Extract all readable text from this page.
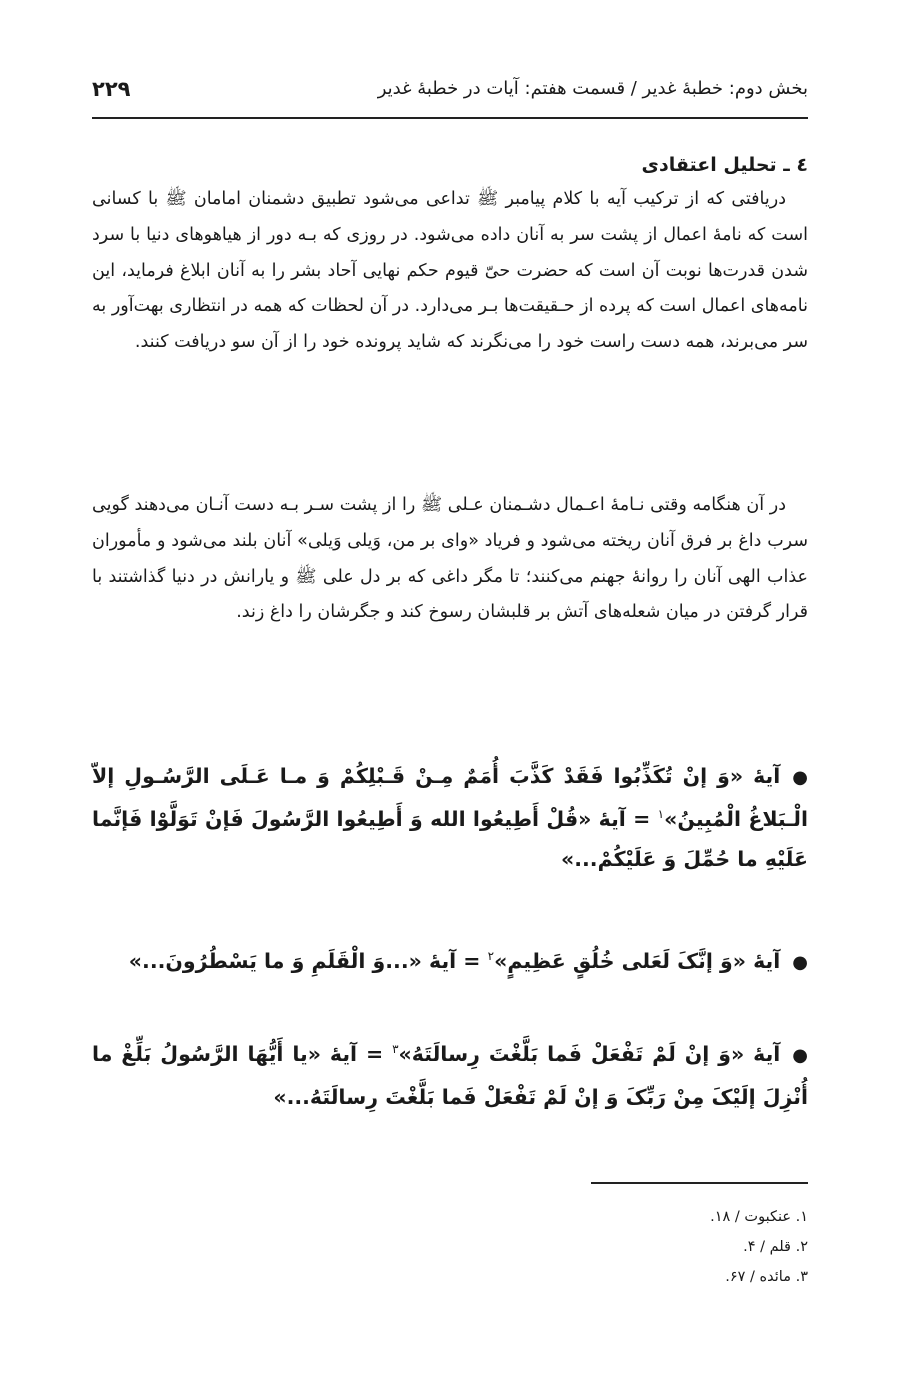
بخش دوم: خطبهٔ غدیر / قسمت هفتم: آیات در خطبهٔ غدیر
۲۲۹
٤ ـ تحلیل اعتقادی

دریافتی که از ترکیب آیه با کلام پیامبر ﷺ تداعی می‌شود تطبیق دشمنان امامان ﷺ با کسانی است که نامهٔ اعمال از پشت سر به آنان داده می‌شود. در روزی که بـه دور از هیاهوهای دنیا با سرد شدن قدرت‌ها نوبت آن است که حضرت حیّ قیوم حکم نهایی آحاد بشر را به آنان ابلاغ فرماید، این نامه‌های اعمال است که پرده از حـقیقت‌ها بـر می‌دارد. در آن لحظات که همه در انتظاری بهت‌آور به سر می‌برند، همه دست راست خود را می‌نگرند که شاید پرونده خود را از آن سو دریافت کنند.

در آن هنگامه وقتی نـامهٔ اعـمال دشـمنان عـلی ﷺ را از پشت سـر بـه دست آنـان می‌دهند گویی سرب داغ بر فرق آنان ریخته می‌شود و فریاد «وای بر من، وَیلی وَیلی» آنان بلند می‌شود و مأموران عذاب الهی آنان را روانهٔ جهنم می‌کنند؛ تا مگر داغی که بر دل علی ﷺ و یارانش در دنیا گذاشتند با قرار گرفتن در میان شعله‌های آتش بر قلبشان رسوخ کند و جگرشان را داغ زند.

●آیهٔ «وَ إنْ تُکَذِّبُوا فَقَدْ کَذَّبَ أُمَمٌ مِـنْ قَـبْلِکُمْ وَ مـا عَـلَی الرَّسُـولِ إلاّ الْـبَلاغُ الْمُبِینُ»$^١$ = آیهٔ «قُلْ أَطِیعُوا الله وَ أَطِیعُوا الرَّسُولَ فَإنْ تَوَلَّوْا فَإنَّما عَلَیْهِ ما حُمِّلَ وَ عَلَیْکُمْ...»
●آیهٔ «وَ إنَّکَ لَعَلی خُلُقٍ عَظِیمٍ»$^٢$ = آیهٔ «...وَ الْقَلَمِ وَ ما یَسْطُرُونَ...»
●آیهٔ «وَ إنْ لَمْ تَفْعَلْ فَما بَلَّغْتَ رِسالَتَهُ»$^٣$ = آیهٔ «یا أَیُّهَا الرَّسُولُ بَلِّغْ ما أُنْزِلَ إلَیْکَ مِنْ رَبِّکَ وَ إنْ لَمْ تَفْعَلْ فَما بَلَّغْتَ رِسالَتَهُ...»
١. عنکبوت / ١٨.
٢. قلم / ۴.
٣. مائده / ۶٧.
